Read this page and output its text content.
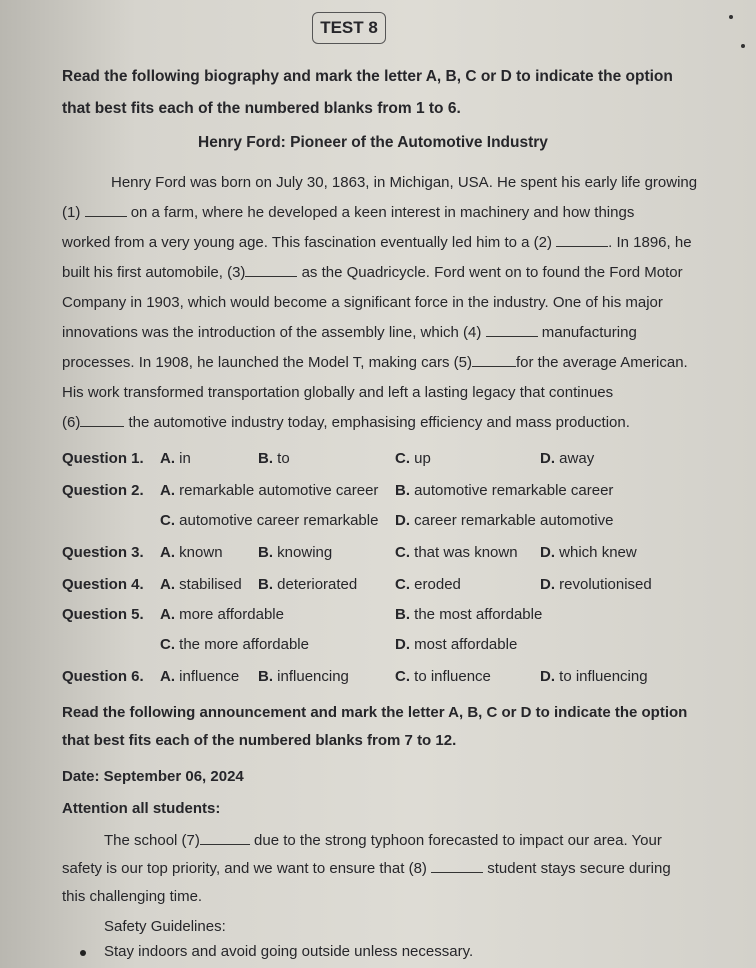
TEST 8
Read the following biography and mark the letter A, B, C or D to indicate the option
that best fits each of the numbered blanks from 1 to 6.
Henry Ford: Pioneer of the Automotive Industry
Henry Ford was born on July 30, 1863, in Michigan, USA. He spent his early life growing
(1)	on a farm, where he developed a keen interest in machinery and how things
worked from a very young age. This fascination eventually led him to a (2)	. In 1896, he
built his first automobile, (3)	as the Quadricycle. Ford went on to found the Ford Motor
Company in 1903, which would become a significant force in the industry. One of his major
innovations was the introduction of the assembly line, which (4)	manufacturing
processes. In 1908, he launched the Model T, making cars (5)	for the average American.
His work transformed transportation globally and left a lasting legacy that continues
(6)	the automotive industry today, emphasising efficiency and mass production.
Question 1. A. in	B. to	C. up	D. away
Question 2. A. remarkable automotive career B. automotive remarkable career
C. automotive career remarkable D. career remarkable automotive
Question 3. A. known B. knowing	C. that was known D. which knew
Question 4. A. stabilised B. deteriorated	C. eroded	D. revolutionised
Question 5. A. more affordable	B. the most affordable
C. the more affordable	D. most affordable
Question 6. A. influence B. influencing	C. to influence	D. to influencing
Read the following announcement and mark the letter A, B, C or D to indicate the option
that best fits each of the numbered blanks from 7 to 12.
Date: September 06, 2024
Attention all students:
The school (7)	due to the strong typhoon forecasted to impact our area. Your
safety is our top priority, and we want to ensure that (8)	student stays secure during
this challenging time.
Safety Guidelines:
Stay indoors and avoid going outside unless necessary.
